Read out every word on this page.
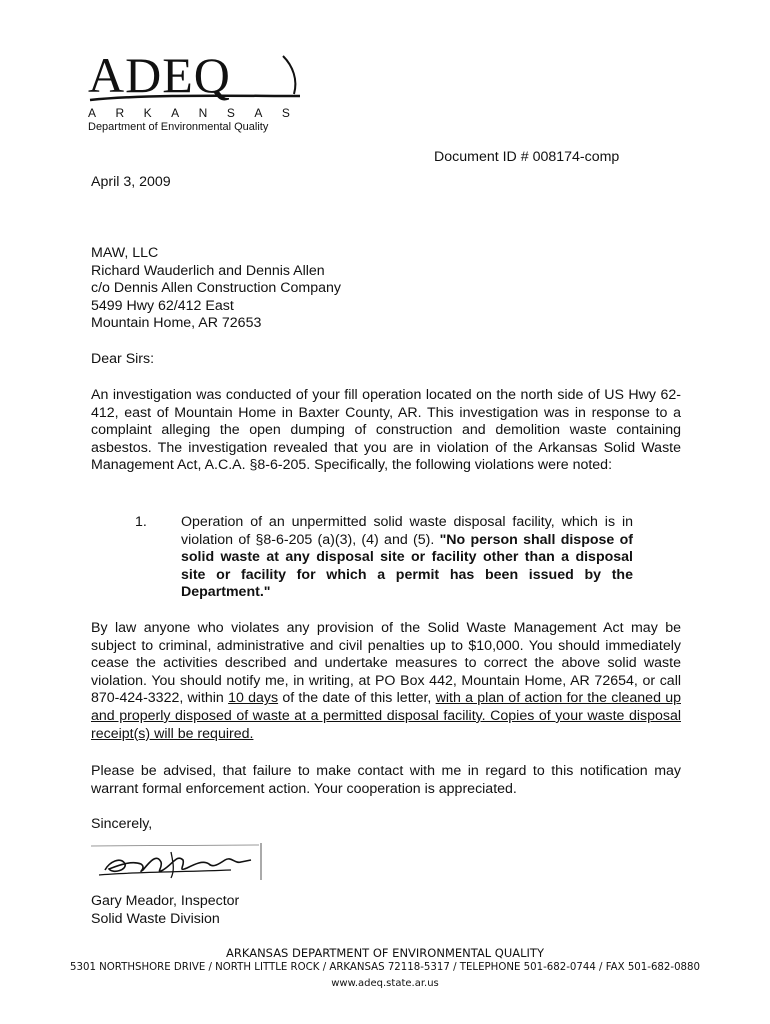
ADEQ
ARKANSAS
Department of Environmental Quality
Document ID # 008174-comp
April 3, 2009

MAW, LLC

Richard Wauderlich and Dennis Allen

c/o Dennis Allen Construction Company

5499 Hwy 62/412 East

Mountain Home, AR 72653

Dear Sirs:
An investigation was conducted of your fill operation located on the north side of US Hwy 62-412, east of Mountain Home in Baxter County, AR. This investigation was in response to a complaint alleging the open dumping of construction and demolition waste containing asbestos. The investigation revealed that you are in violation of the Arkansas Solid Waste Management Act, A.C.A. §8-6-205. Specifically, the following violations were noted:
1. Operation of an unpermitted solid waste disposal facility, which is in violation of §8-6-205 (a)(3), (4) and (5). "No person shall dispose of solid waste at any disposal site or facility other than a disposal site or facility for which a permit has been issued by the Department."
By law anyone who violates any provision of the Solid Waste Management Act may be subject to criminal, administrative and civil penalties up to $10,000. You should immediately cease the activities described and undertake measures to correct the above solid waste violation. You should notify me, in writing, at PO Box 442, Mountain Home, AR 72654, or call 870-424-3322, within 10 days of the date of this letter, with a plan of action for the cleaned up and properly disposed of waste at a permitted disposal facility. Copies of your waste disposal receipt(s) will be required.
Please be advised, that failure to make contact with me in regard to this notification may warrant formal enforcement action. Your cooperation is appreciated.
Sincerely,

Gary Meador, Inspector

Solid Waste Division

ARKANSAS DEPARTMENT OF ENVIRONMENTAL QUALITY
5301 NORTHSHORE DRIVE / NORTH LITTLE ROCK / ARKANSAS 72118-5317 / TELEPHONE 501-682-0744 / FAX 501-682-0880
www.adeq.state.ar.us
